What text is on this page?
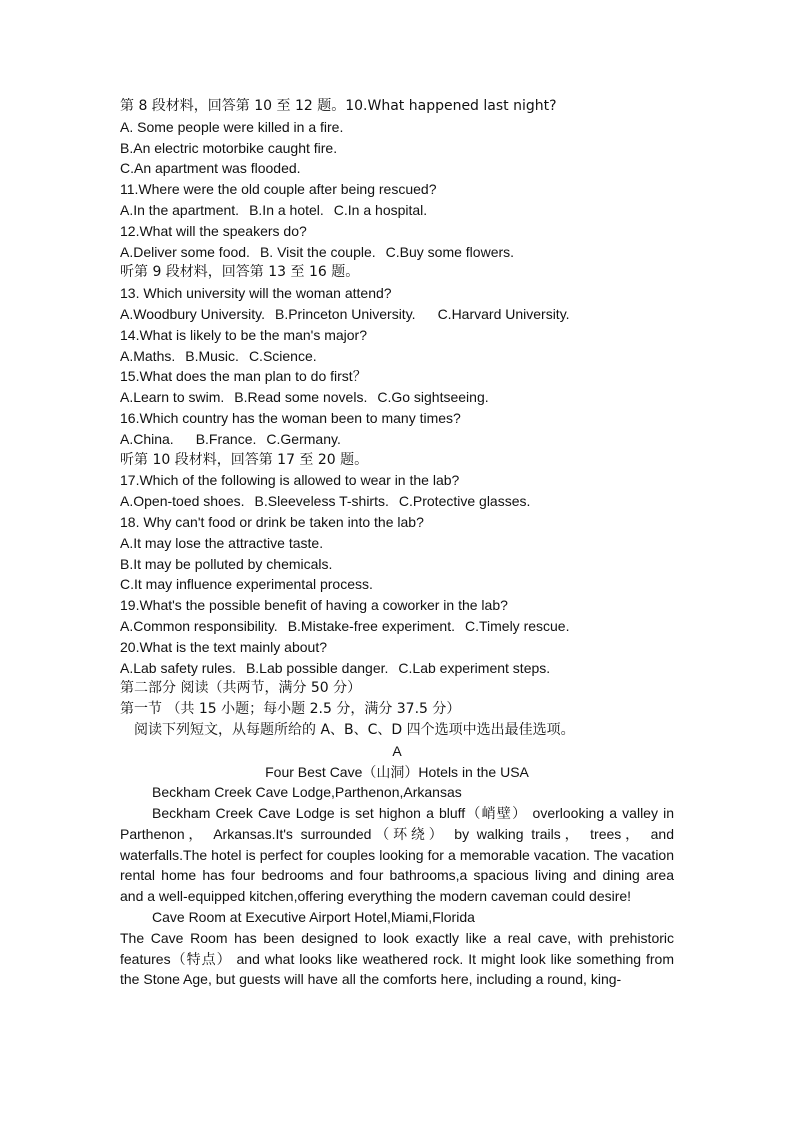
第 8 段材料，回答第 10 至 12 题。10.What happened last night?
A. Some people were killed in a fire.
B.An electric motorbike caught fire.
C.An apartment was flooded.
11.Where were the old couple after being rescued?
A.In the apartment. B.In a hotel. C.In a hospital.
12.What will the speakers do?
A.Deliver some food. B. Visit the couple. C.Buy some flowers.
听第 9 段材料，回答第 13 至 16 题。
13. Which university will the woman attend?
A.Woodbury University. B.Princeton University. C.Harvard University.
14.What is likely to be the man's major?
A.Maths. B.Music. C.Science.
15.What does the man plan to do first？
A.Learn to swim. B.Read some novels. C.Go sightseeing.
16.Which country has the woman been to many times?
A.China. B.France. C.Germany.
听第 10 段材料，回答第 17 至 20 题。
17.Which of the following is allowed to wear in the lab?
A.Open-toed shoes. B.Sleeveless T-shirts. C.Protective glasses.
18. Why can't food or drink be taken into the lab?
A.It may lose the attractive taste.
B.It may be polluted by chemicals.
C.It may influence experimental process.
19.What's the possible benefit of having a coworker in the lab?
A.Common responsibility. B.Mistake-free experiment. C.Timely rescue.
20.What is the text mainly about?
A.Lab safety rules. B.Lab possible danger. C.Lab experiment steps.
第二部分 阅读（共两节，满分 50 分）
第一节 （共 15 小题；每小题 2.5 分，满分 37.5 分）
阅读下列短文，从每题所给的 A、B、C、D 四个选项中选出最佳选项。
A
Four Best Cave（山洞）Hotels in the USA
Beckham Creek Cave Lodge,Parthenon,Arkansas
Beckham Creek Cave Lodge is set highon a bluff（峭壁） overlooking a valley in Parthenon， Arkansas.It's surrounded（环绕） by walking trails， trees， and waterfalls.The hotel is perfect for couples looking for a memorable vacation. The vacation rental home has four bedrooms and four bathrooms,a spacious living and dining area and a well-equipped kitchen,offering everything the modern caveman could desire!
Cave Room at Executive Airport Hotel,Miami,Florida
The Cave Room has been designed to look exactly like a real cave, with prehistoric features（特点） and what looks like weathered rock. It might look like something from the Stone Age, but guests will have all the comforts here, including a round, king-
